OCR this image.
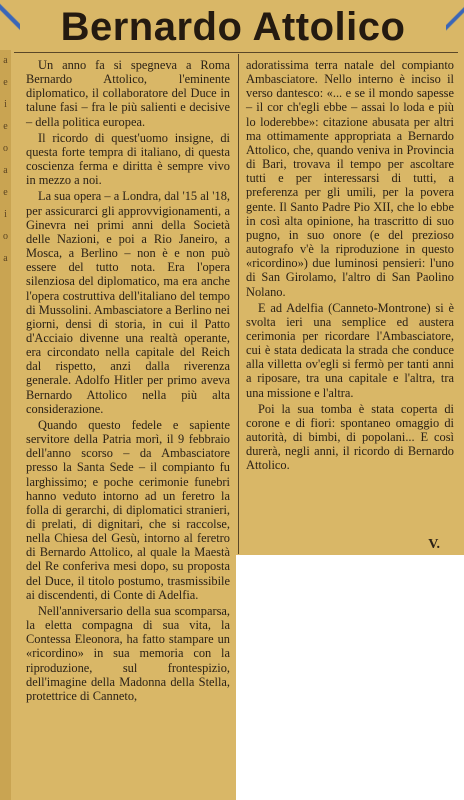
a
e
i
e
o
a
e
i
o
a
Bernardo Attolico

Un anno fa si spegneva a Roma Bernardo Attolico, l'eminente diplomatico, il collaboratore del Duce in talune fasi – fra le più salienti e decisive – della politica europea.

Il ricordo di quest'uomo insigne, di questa forte tempra di italiano, di questa coscienza ferma e diritta è sempre vivo in mezzo a noi.

La sua opera – a Londra, dal '15 al '18, per assicurarci gli approvvigionamenti, a Ginevra nei primi anni della Società delle Nazioni, e poi a Rio Janeiro, a Mosca, a Berlino – non è e non può essere del tutto nota. Era l'opera silenziosa del diplomatico, ma era anche l'opera costruttiva dell'italiano del tempo di Mussolini. Ambasciatore a Berlino nei giorni, densi di storia, in cui il Patto d'Acciaio divenne una realtà operante, era circondato nella capitale del Reich dal rispetto, anzi dalla riverenza generale. Adolfo Hitler per primo aveva Bernardo Attolico nella più alta considerazione.

Quando questo fedele e sapiente servitore della Patria morì, il 9 febbraio dell'anno scorso – da Ambasciatore presso la Santa Sede – il compianto fu larghissimo; e poche cerimonie funebri hanno veduto intorno ad un feretro la folla di gerarchi, di diplomatici stranieri, di prelati, di dignitari, che si raccolse, nella Chiesa del Gesù, intorno al feretro di Bernardo Attolico, al quale la Maestà del Re conferiva mesi dopo, su proposta del Duce, il titolo postumo, trasmissibile ai discendenti, di Conte di Adelfia.

Nell'anniversario della sua scomparsa, la eletta compagna di sua vita, la Contessa Eleonora, ha fatto stampare un «ricordino» in sua memoria con la riproduzione, sul frontespizio, dell'imagine della Madonna della Stella, protettrice di Canneto,

adoratissima terra natale del compianto Ambasciatore. Nello interno è inciso il verso dantesco: «... e se il mondo sapesse – il cor ch'egli ebbe – assai lo loda e più lo loderebbe»: citazione abusata per altri ma ottimamente appropriata a Bernardo Attolico, che, quando veniva in Provincia di Bari, trovava il tempo per ascoltare tutti e per interessarsi di tutti, a preferenza per gli umili, per la povera gente. Il Santo Padre Pio XII, che lo ebbe in così alta opinione, ha trascritto di suo pugno, in suo onore (e del prezioso autografo v'è la riproduzione in questo «ricordino») due luminosi pensieri: l'uno di San Girolamo, l'altro di San Paolino Nolano.

E ad Adelfia (Canneto-Montrone) si è svolta ieri una semplice ed austera cerimonia per ricordare l'Ambasciatore, cui è stata dedicata la strada che conduce alla villetta ov'egli si fermò per tanti anni a riposare, tra una capitale e l'altra, tra una missione e l'altra.

Poi la sua tomba è stata coperta di corone e di fiori: spontaneo omaggio di autorità, di bimbi, di popolani... E così durerà, negli anni, il ricordo di Bernardo Attolico.

V.
